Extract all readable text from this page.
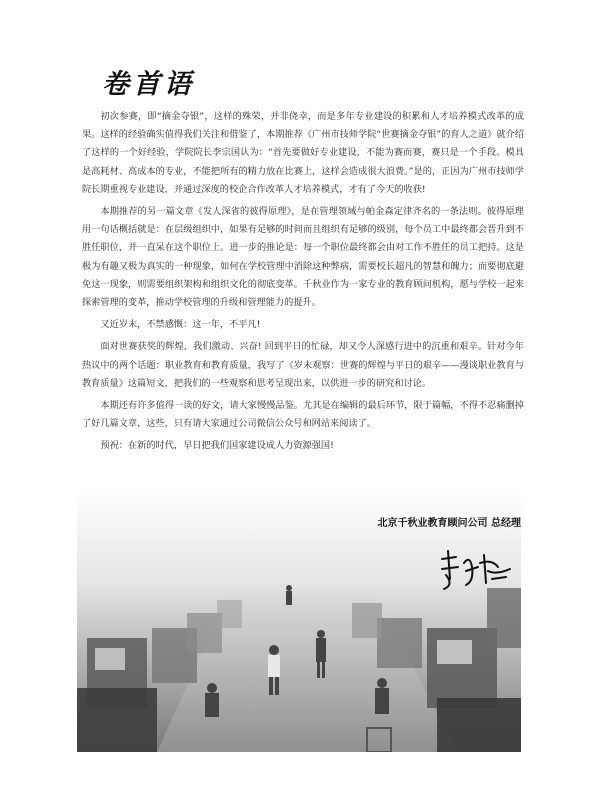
卷首语

初次参赛，即“摘金夺银”，这样的殊荣，并非侥幸，而是多年专业建设的积累和人才培养模式改革的成果。这样的经验确实值得我们关注和借鉴了，本期推荐《广州市技师学院“世赛摘金夺银”的育人之道》就介绍了这样的一个好经验，学院院长李宗国认为：“首先要做好专业建设，不能为赛而赛，赛只是一个手段。模具是高耗材、高成本的专业，不能把所有的精力放在比赛上，这样会造成很大浪费。”是的，正因为广州市技师学院长期重视专业建设，并通过深度的校企合作改革人才培养模式，才有了今天的收获!

本期推荐的另一篇文章《发人深省的彼得原理》，是在管理领域与帕金森定律齐名的一条法则。彼得原理用一句话概括就是：在层级组织中，如果有足够的时间而且组织有足够的级别，每个员工中最终都会晋升到不胜任职位，并一直呆在这个职位上。进一步的推论是：每一个职位最终都会由对工作不胜任的员工把持。这是极为有趣又极为真实的一种现象，如何在学校管理中消除这种弊病，需要校长超凡的智慧和魄力；而要彻底避免这一现象，则需要组织架构和组织文化的彻底变革。千秋业作为一家专业的教育顾问机构，愿与学校一起来探索管理的变革，推动学校管理的升级和管理能力的提升。

又近岁末，不禁感慨：这一年，不平凡!

面对世赛获奖的辉煌，我们激动、兴奋! 回到平日的忙碌，却又令人深感行进中的沉重和艰辛。针对今年热议中的两个话题：职业教育和教育质量，我写了《岁末观察：世赛的辉煌与平日的艰辛——漫谈职业教育与教育质量》这篇短文，把我们的一些观察和思考呈现出来，以供进一步的研究和讨论。

本期还有许多值得一读的好文，请大家慢慢品鉴。尤其是在编辑的最后环节，限于篇幅，不得不忍痛删掉了好几篇文章，这些，只有请大家通过公司微信公众号和网站来阅读了。

预祝：在新的时代，早日把我们国家建设成人力资源强国!

北京千秋业教育顾问公司 总经理
